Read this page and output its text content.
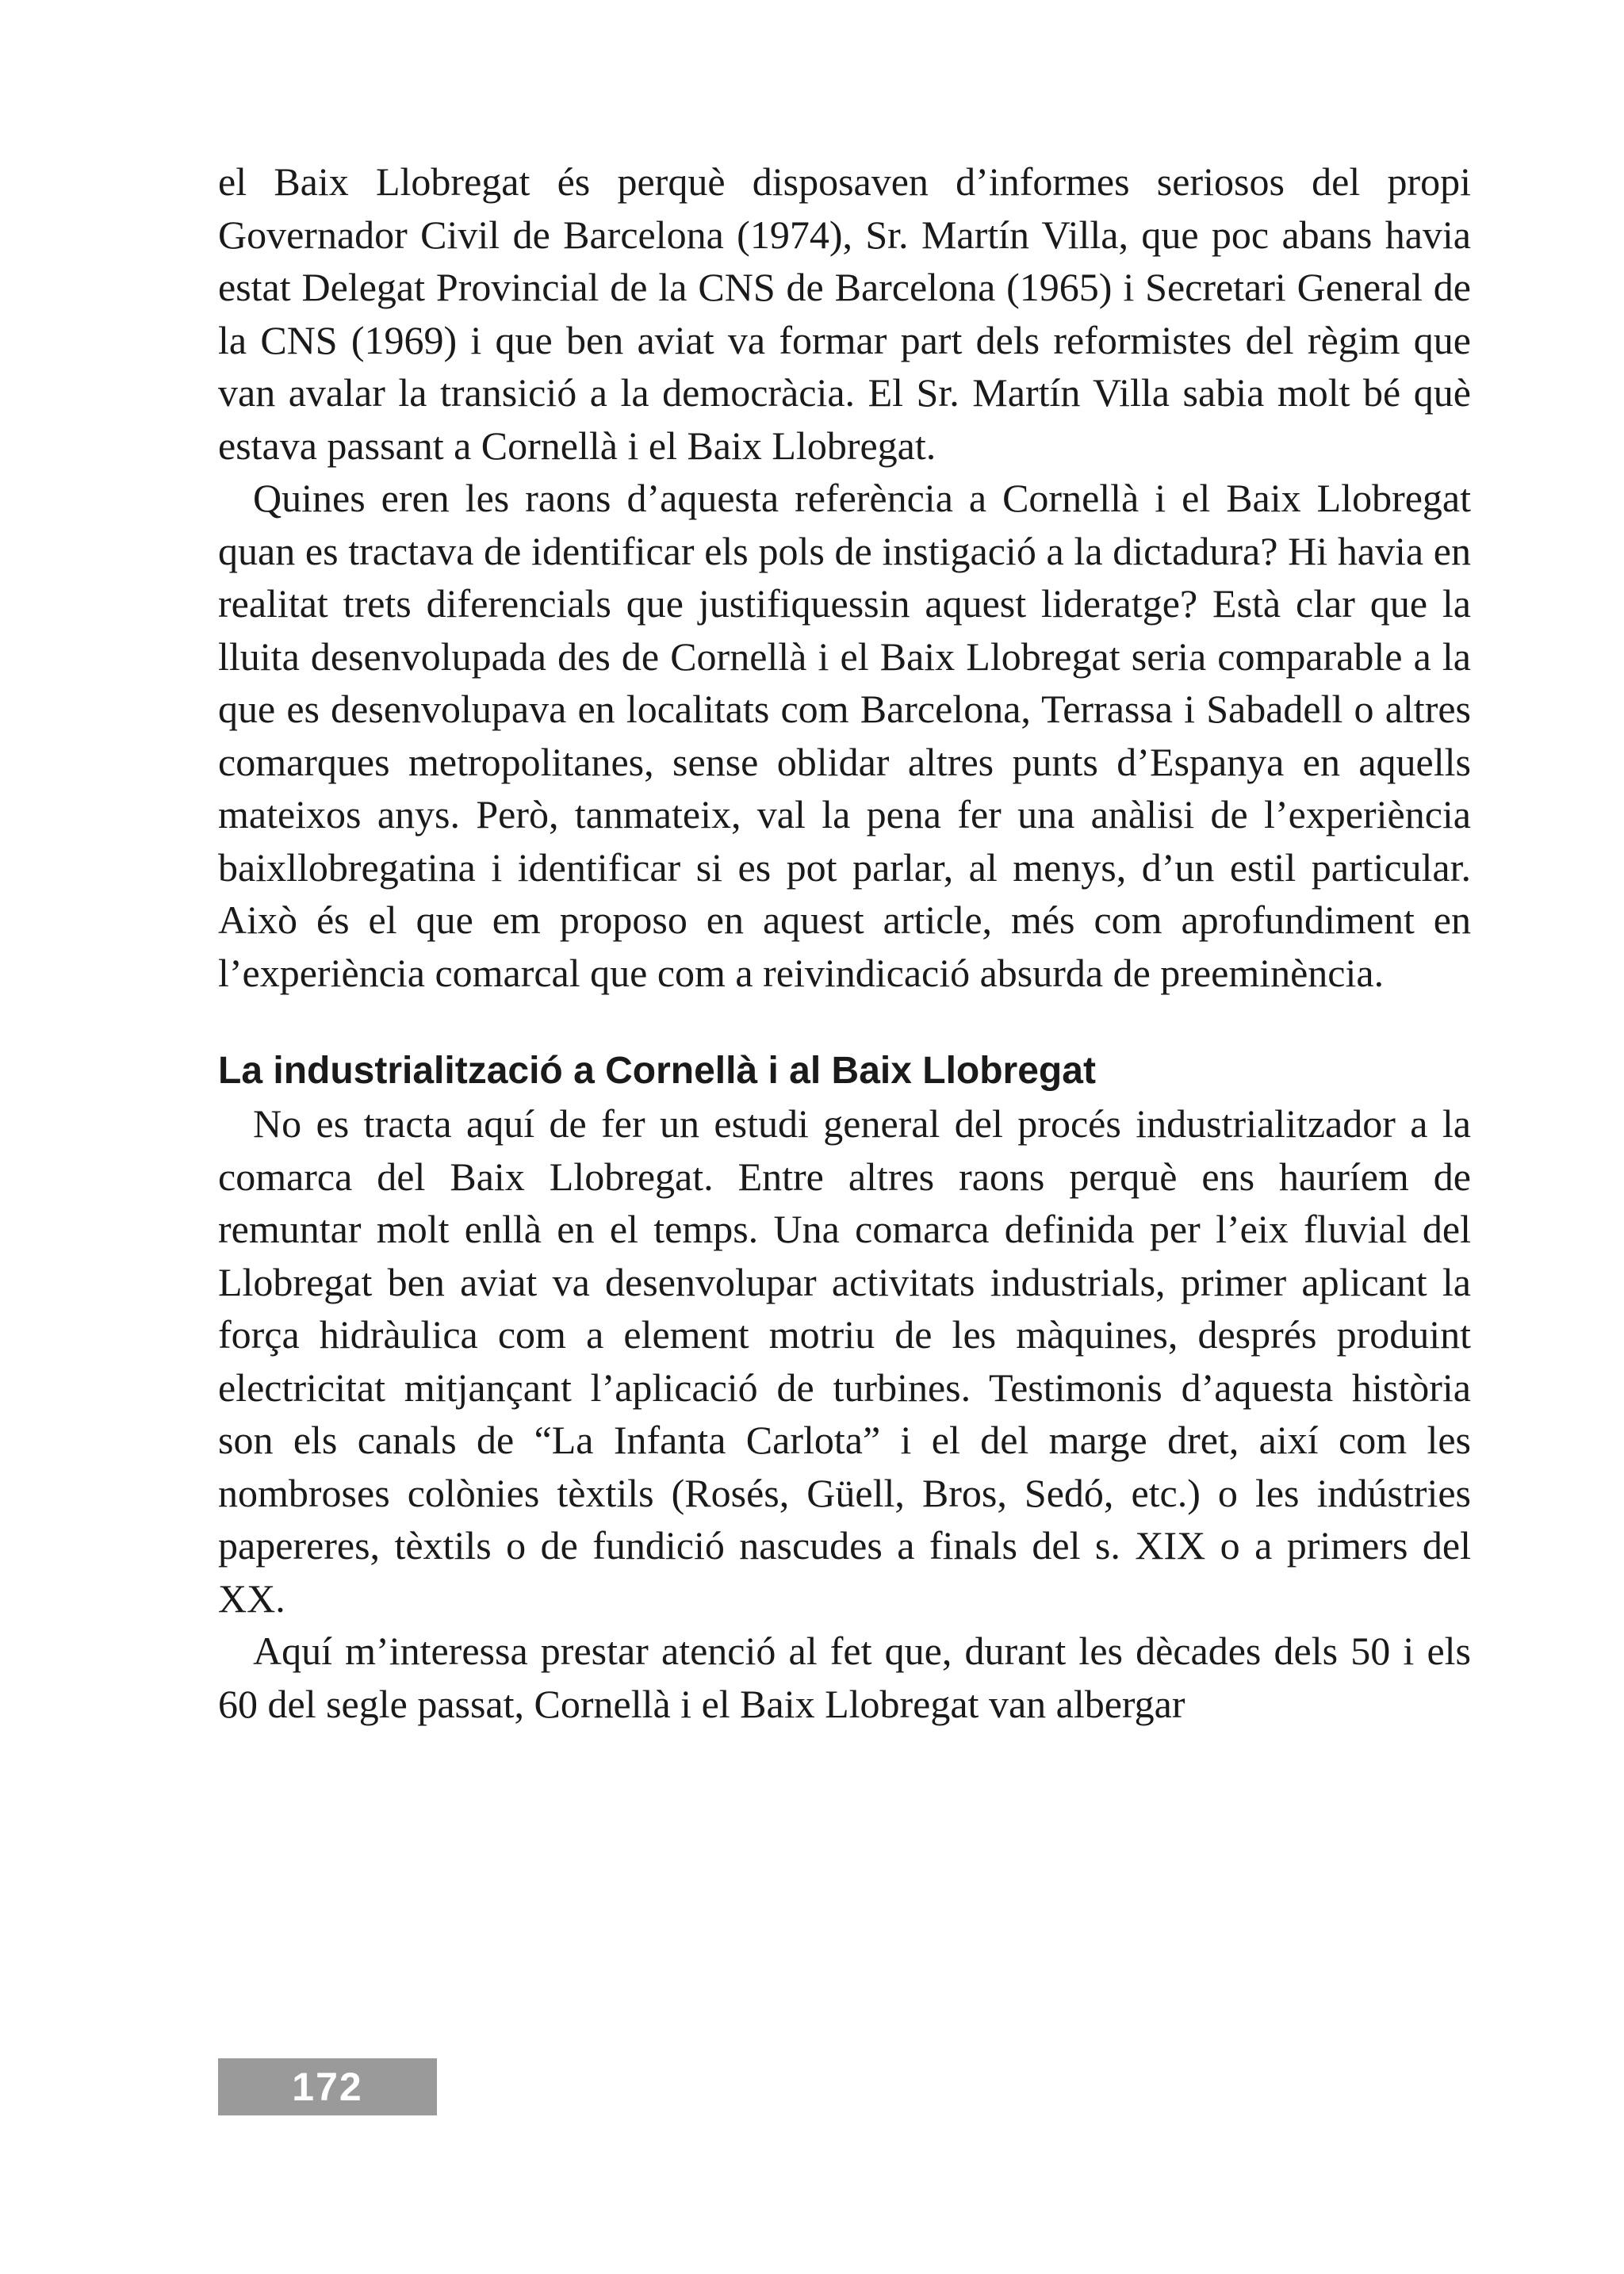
el Baix Llobregat és perquè disposaven d’informes seriosos del propi Governador Civil de Barcelona (1974), Sr. Martín Villa, que poc abans havia estat Delegat Provincial de la CNS de Barcelona (1965) i Secretari General de la CNS (1969) i que ben aviat va formar part dels reformistes del règim que van avalar la transició a la democràcia. El Sr. Martín Villa sabia molt bé què estava passant a Cornellà i el Baix Llobregat.

Quines eren les raons d’aquesta referència a Cornellà i el Baix Llobregat quan es tractava de identificar els pols de instigació a la dictadura? Hi havia en realitat trets diferencials que justifiquessin aquest lideratge? Està clar que la lluita desenvolupada des de Cornellà i el Baix Llobregat seria comparable a la que es desenvolupava en localitats com Barcelona, Terrassa i Sabadell o altres comarques metropolitanes, sense oblidar altres punts d’Espanya en aquells mateixos anys. Però, tanmateix, val la pena fer una anàlisi de l’experiència baixllobregatina i identificar si es pot parlar, al menys, d’un estil particular. Això és el que em proposo en aquest article, més com aprofundiment en l’experiència comarcal que com a reivindicació absurda de preeminència.

La industrialització a Cornellà i al Baix Llobregat

No es tracta aquí de fer un estudi general del procés industrialitzador a la comarca del Baix Llobregat. Entre altres raons perquè ens hauríem de remuntar molt enllà en el temps. Una comarca definida per l’eix fluvial del Llobregat ben aviat va desenvolupar activitats industrials, primer aplicant la força hidràulica com a element motriu de les màquines, després produint electricitat mitjançant l’aplicació de turbines. Testimonis d’aquesta història son els canals de “La Infanta Carlota” i el del marge dret, així com les nombroses colònies tèxtils (Rosés, Güell, Bros, Sedó, etc.) o les indústries papereres, tèxtils o de fundició nascudes a finals del s. XIX o a primers del XX.

Aquí m’interessa prestar atenció al fet que, durant les dècades dels 50 i els 60 del segle passat, Cornellà i el Baix Llobregat van albergar

172
